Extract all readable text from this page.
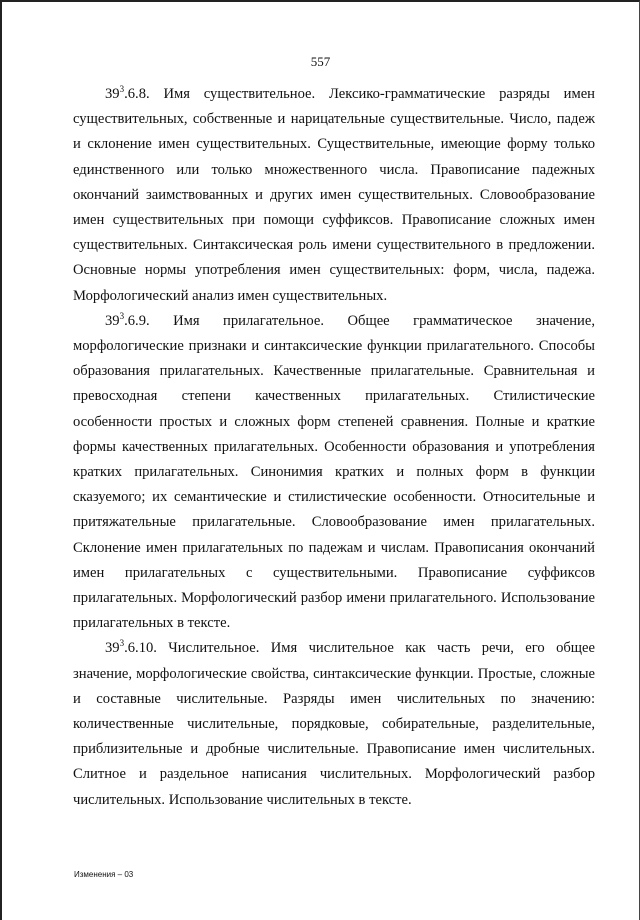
557

$39^3.6.8$. Имя существительное. Лексико-грамматические разряды имен существительных, собственные и нарицательные существительные. Число, падеж и склонение имен существительных. Существительные, имеющие форму только единственного или только множественного числа. Правописание падежных окончаний заимствованных и других имен существительных. Словообразование имен существительных при помощи суффиксов. Правописание сложных имен существительных. Синтаксическая роль имени существительного в предложении. Основные нормы употребления имен существительных: форм, числа, падежа. Морфологический анализ имен существительных.

$39^3.6.9$. Имя прилагательное. Общее грамматическое значение, морфологические признаки и синтаксические функции прилагательного. Способы образования прилагательных. Качественные прилагательные. Сравнительная и превосходная степени качественных прилагательных. Стилистические особенности простых и сложных форм степеней сравнения. Полные и краткие формы качественных прилагательных. Особенности образования и употребления кратких прилагательных. Синонимия кратких и полных форм в функции сказуемого; их семантические и стилистические особенности. Относительные и притяжательные прилагательные. Словообразование имен прилагательных. Склонение имен прилагательных по падежам и числам. Правописания окончаний имен прилагательных с существительными. Правописание суффиксов прилагательных. Морфологический разбор имени прилагательного. Использование прилагательных в тексте.

$39^3.6.10$. Числительное. Имя числительное как часть речи, его общее значение, морфологические свойства, синтаксические функции. Простые, сложные и составные числительные. Разряды имен числительных по значению: количественные числительные, порядковые, собирательные, разделительные, приблизительные и дробные числительные. Правописание имен числительных. Слитное и раздельное написания числительных. Морфологический разбор числительных. Использование числительных в тексте.

Изменения – 03
